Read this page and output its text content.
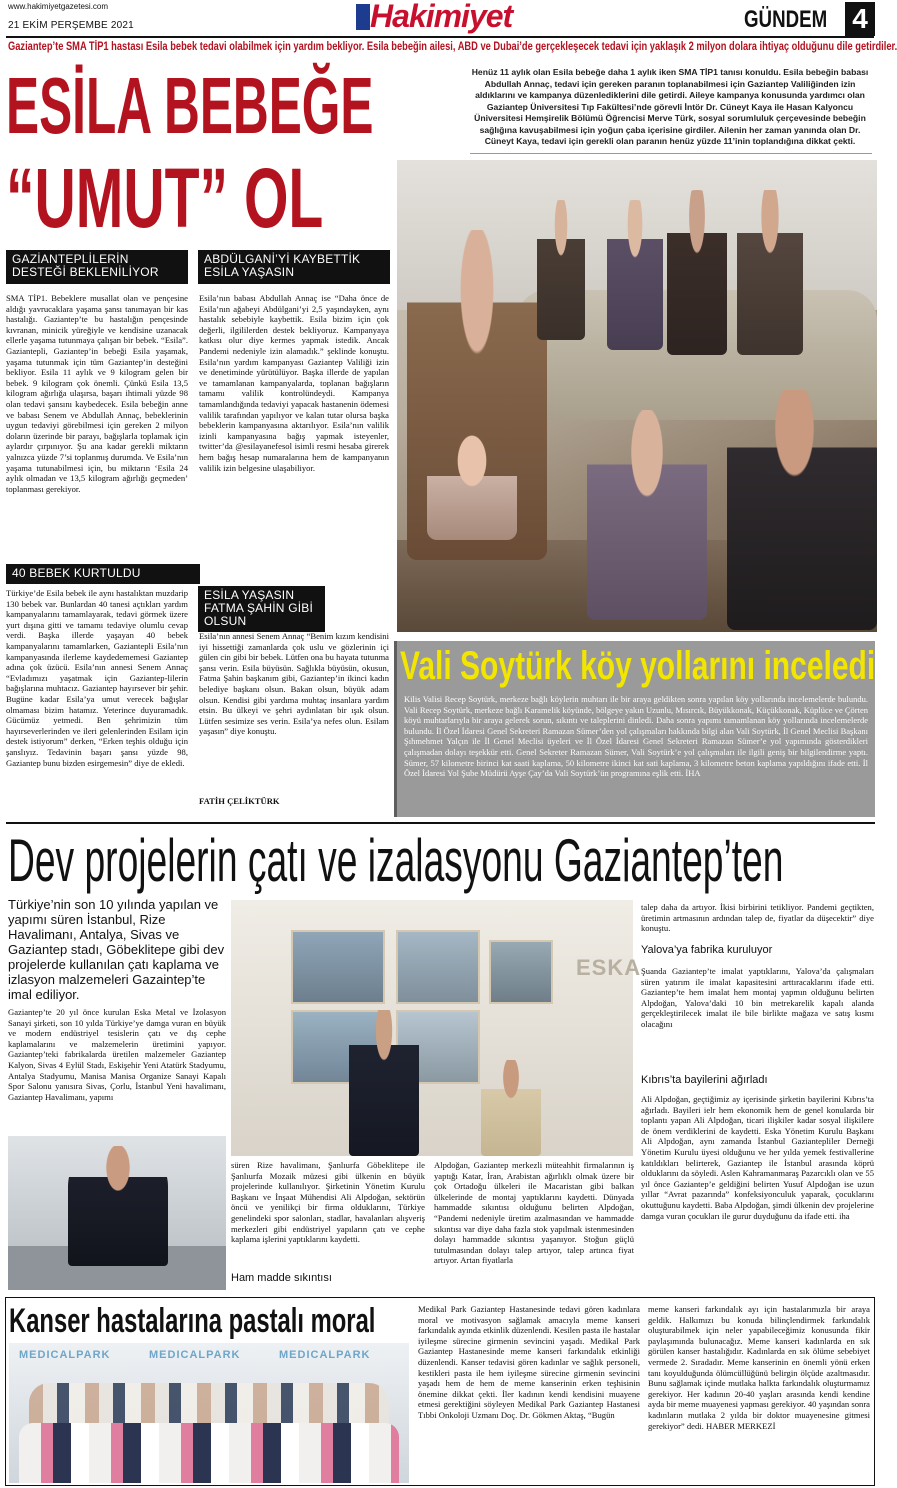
www.hakimiyetgazetesi.com
21 EKİM PERŞEMBE 2021	Hakimiyet	GÜNDEM 4
Gaziantep’te SMA TİP1 hastası Esila bebek tedavi olabilmek için yardım bekliyor. Esila bebeğin ailesi, ABD ve Dubai’de gerçekleşecek tedavi için yaklaşık 2 milyon dolara ihtiyaç olduğunu dile getirdiler.
ESİLA BEBEĞE
“UMUT” OL
Henüz 11 aylık olan Esila bebeğe daha 1 aylık iken SMA TİP1 tanısı konuldu. Esila bebeğin babası Abdullah Annaç, tedavi için gereken paranın toplanabilmesi için Gaziantep Valiliğinden izin aldıklarını ve kampanya düzenlediklerini dile getirdi. Aileye kampanya konusunda yardımcı olan Gaziantep Üniversitesi Tıp Fakültesi’nde görevli İntör Dr. Cüneyt Kaya ile Hasan Kalyoncu Üniversitesi Hemşirelik Bölümü Öğrencisi Merve Türk, sosyal sorumluluk çerçevesinde bebeğin sağlığına kavuşabilmesi için yoğun çaba içerisine girdiler. Ailenin her zaman yanında olan Dr. Cüneyt Kaya, tedavi için gerekli olan paranın henüz yüzde 11’inin toplandığına dikkat çekti.
GAZİANTEPLİLERİN DESTEĞİ BEKLENİLİYOR
SMA TİP1. Bebeklere musallat olan ve pençesine aldığı yavrucaklara yaşama şansı tanımayan bir kas hastalığı. Gaziantep’te bu hastalığın pençesinde kıvranan, minicik yüreğiyle ve kendisine uzanacak ellerle yaşama tutunmaya çalışan bir bebek. “Esila”. Gaziantepli, Gaziantep’in bebeği Esila yaşamak, yaşama tutunmak için tüm Gaziantep’in desteğini bekliyor. Esila 11 aylık ve 9 kilogram gelen bir bebek. 9 kilogram çok önemli. Çünkü Esila 13,5 kilogram ağırlığa ulaşırsa, başarı ihtimali yüzde 98 olan tedavi şansını kaybedecek. Esila bebeğin anne ve babası Senem ve Abdullah Annaç, bebeklerinin uygun tedaviyi görebilmesi için gereken 2 milyon doların üzerinde bir parayı, bağışlarla toplamak için aylardır çırpınıyor. Şu ana kadar gerekli miktarın yalnızca yüzde 7’si toplanmış durumda. Ve Esila’nın yaşama tutunabilmesi için, bu miktarın ‘Esila 24 aylık olmadan ve 13,5 kilogram ağırlığı geçmeden’ toplanması gerekiyor.
40 BEBEK KURTULDU
Türkiye’de Esila bebek ile aynı hastalıktan muzdarip 130 bebek var. Bunlardan 40 tanesi açtıkları yardım kampanyalarını tamamlayarak, tedavi görmek üzere yurt dışına gitti ve tamamı tedaviye olumlu cevap verdi. Başka illerde yaşayan 40 bebek kampanyalarını tamamlarken, Gaziantepli Esila’nın kampanyasında ilerleme kaydedememesi Gaziantep adına çok üzücü. Esila’nın annesi Senem Annaç “Evladımızı yaşatmak için Gaziantep-lilerin bağışlarına muhtacız. Gaziantep hayırsever bir şehir. Bugüne kadar Esila’ya umut verecek bağışlar olmaması bizim hatamız. Yeterince duyuramadık. Gücümüz yetmedi. Ben şehrimizin tüm hayırseverlerinden ve ileri gelenlerinden Esilam için destek istiyorum” derken, “Erken teşhis olduğu için şanslıyız. Tedavinin başarı şansı yüzde 98, Gaziantep bunu bizden esirgemesin” diye de ekledi.
ABDÜLGANİ’Yİ KAYBETTİK ESİLA YAŞASIN
Esila’nın babası Abdullah Annaç ise “Daha önce de Esila’nın ağabeyi Abdülgani’yi 2,5 yaşındayken, aynı hastalık sebebiyle kaybettik. Esila bizim için çok değerli, ilgililerden destek bekliyoruz. Kampanyaya katkısı olur diye kermes yapmak istedik. Ancak Pandemi nedeniyle izin alamadık.” şeklinde konuştu. Esila’nın yardım kampanyası Gaziantep Valiliği izin ve denetiminde yürütülüyor. Başka illerde de yapılan ve tamamlanan kampanyalarda, toplanan bağışların tamamı valilik kontrolündeydi. Kampanya tamamlandığında tedaviyi yapacak hastanenin ödemesi valilik tarafından yapılıyor ve kalan tutar olursa başka bebeklerin kampanyasına aktarılıyor. Esila’nın valilik izinli kampanyasına bağış yapmak isteyenler, twitter’da @esilayanefesol isimli resmi hesaba girerek hem bağış hesap numaralarına hem de kampanyanın valilik izin belgesine ulaşabiliyor.
ESİLA YAŞASIN FATMA ŞAHİN GİBİ OLSUN
Esila’nın annesi Senem Annaç “Benim kızım kendisini iyi hissettiği zamanlarda çok uslu ve gözlerinin içi gülen cin gibi bir bebek. Lütfen ona bu hayata tutunma şansı verin. Esila büyüsün. Sağlıkla büyüsün, okusun, Fatma Şahin başkanım gibi, Gaziantep’in ikinci kadın belediye başkanı olsun. Bakan olsun, büyük adam olsun. Kendisi gibi yardıma muhtaç insanlara yardım etsin. Bu ülkeyi ve şehri aydınlatan bir ışık olsun. Lütfen sesimize ses verin. Esila’ya nefes olun. Esilam yaşasın” diye konuştu.
FATİH ÇELİKTÜRK
Vali Soytürk köy yollarını inceledi
Kilis Valisi Recep Soytürk, merkeze bağlı köylerin muhtarı ile bir araya geldikten sonra yapılan köy yollarında incelemelerde bulundu. Vali Recep Soytürk, merkeze bağlı Karamelik köyünde, bölgeye yakın Uzunlu, Mısırcık, Büyükkonak, Küçükkonak, Küplüce ve Çörten köyü muhtarlarıyla bir araya gelerek sorun, sıkıntı ve taleplerini dinledi. Daha sonra yapımı tamamlanan köy yollarında incelemelerde bulundu. İl Özel İdaresi Genel Sekreteri Ramazan Sümer’den yol çalışmaları hakkında bilgi alan Vali Soytürk, İl Genel Meclisi Başkanı Şıhmehmet Yalçın ile İl Genel Meclisi üyeleri ve İl Özel İdaresi Genel Sekreteri Ramazan Sümer’e yol yapımında gösterdikleri çalışmadan dolayı teşekkür etti. Genel Sekreter Ramazan Sümer, Vali Soytürk’e yol çalışmaları ile ilgili geniş bir bilgilendirme yaptı. Sümer, 57 kilometre birinci kat saati kaplama, 50 kilometre ikinci kat sati kaplama, 3 kilometre beton kaplama yapıldığını ifade etti. İl Özel İdaresi Yol Şube Müdürü Ayşe Çay’da Vali Soytürk’ün programına eşlik etti. İHA
Dev projelerin çatı ve izalasyonu Gaziantep’ten
Türkiye’nin son 10 yılında yapılan ve yapımı süren İstanbul, Rize Havalimanı, Antalya, Sivas ve Gaziantep stadı, Göbeklitepe gibi dev projelerde kullanılan çatı kaplama ve izlasyon malzemeleri Gazaintep’te imal ediliyor.
Gaziantep’te 20 yıl önce kurulan Eska Metal ve İzolasyon Sanayi şirketi, son 10 yılda Türkiye’ye damga vuran en büyük ve modern endüstriyel tesislerin çatı ve dış cephe kaplamalarını ve malzemelerin üretimini yapıyor. Gaziantep’teki fabrikalarda üretilen malzemeler Gaziantep Kalyon, Sivas 4 Eylül Stadı, Eskişehir Yeni Atatürk Stadyumu, Antalya Stadyumu, Manisa Manisa Organize Sanayi Kapalı Spor Salonu yanısıra Sivas, Çorlu, İstanbul Yeni havalimanı, Gaziantep Havalimanı, yapımı
ESKA
süren Rize havalimanı, Şanlıurfa Göbeklitepe ile Şanlıurfa Mozaik müzesi gibi ülkenin en büyük projelerinde kullanılıyor. Şirketinin Yönetim Kurulu Başkanı ve İnşaat Mühendisi Ali Alpdoğan, sektörün öncü ve yenilikçi bir firma olduklarını, Türkiye genelindeki spor salonları, stadlar, havalanları alışveriş merkezleri gibi endüstriyel yapıların çatı ve cephe kaplama işlerini yaptıklarını kaydetti.
Ham madde sıkıntısı
Alpdoğan, Gaziantep merkezli müteahhit firmalarının iş yaptığı Katar, İran, Arabistan ağırlıklı olmak üzere bir çok Ortadoğu ülkeleri ile Macaristan gibi balkan ülkelerinde de montaj yaptıklarını kaydetti. Dünyada hammadde sıkıntısı olduğunu belirten Alpdoğan, “Pandemi nedeniyle üretim azalmasından ve hammadde sıkıntısı var diye daha fazla stok yapılmak istenmesinden dolayı hammadde sıkıntısı yaşanıyor. Stoğun güçlü tutulmasından dolayı talep artıyor, talep artınca fiyat artıyor. Artan fiyatlarla
talep daha da artıyor. İkisi birbirini tetikliyor. Pandemi geçtikten, üretimin artmasının ardından talep de, fiyatlar da düşecektir” diye konuştu.
Yalova’ya fabrika kuruluyor
Şuanda Gaziantep’te imalat yaptıklarını, Yalova’da çalışmaları süren yatırım ile imalat kapasitesini arttıracaklarını ifade etti. Gaziantep’te hem imalat hem montaj yapmın olduğunu belirten Alpdoğan, Yalova’daki 10 bin metrekarelik kapalı alanda gerçekleştirilecek imalat ile bile birlikte mağaza ve satış kısmı olacağını
Kıbrıs’ta bayilerini ağırladı
Ali Alpdoğan, geçtiğimiz ay içerisinde şirketin bayilerini Kıbrıs’ta ağırladı. Bayileri ielr hem ekonomik hem de genel konularda bir toplantı yapan Ali Alpdoğan, ticari ilişkiler kadar sosyal ilişkilere de önem verdiklerini de kaydetti. Eska Yönetim Kurulu Başkanı Ali Alpdoğan, aynı zamanda İstanbul Gaziantepliler Derneği Yönetim Kurulu üyesi olduğunu ve her yılda yemek festivallerine katıldıkları belirterek, Gaziantep ile İstanbul arasında köprü olduklarını da söyledi. Aslen Kahramanmaraş Pazarcıklı olan ve 55 yıl önce Gaziantep’e geldiğini belirten Yusuf Alpdoğan ise uzun yıllar “Avrat pazarında” konfeksiyonculuk yaparak, çocuklarını okuttuğunu kaydetti. Baba Alpdoğan, şimdi ülkenin dev projelerine damga vuran çocukları ile gurur duyduğunu da ifade etti. iha
Kanser hastalarına pastalı moral
MEDICALPARK	MEDICALPARK	MEDICALPARK
Medikal Park Gaziantep Hastanesinde tedavi gören kadınlara moral ve motivasyon sağlamak amacıyla meme kanseri farkındalık ayında etkinlik düzenlendi. Kesilen pasta ile hastalar iyileşme sürecine girmenin sevincini yaşadı. Medikal Park Gaziantep Hastanesinde meme kanseri farkındalık etkinliği düzenlendi. Kanser tedavisi gören kadınlar ve sağlık personeli, kestikleri pasta ile hem iyileşme sürecine girmenin sevincini yaşadı hem de hem de meme kanserinin erken teşhisinin önemine dikkat çekti. İler kadının kendi kendisini muayene etmesi gerektiğini söyleyen Medikal Park Gaziantep Hastanesi Tıbbi Onkoloji Uzmanı Doç. Dr. Gökmen Aktaş, “Bugün
meme kanseri farkındalık ayı için hastalarımızla bir araya geldik. Halkımızı bu konuda bilinçlendirmek farkındalık oluşturabilmek için neler yapabileceğimiz konusunda fikir paylaşımında bulunacağız. Meme kanseri kadınlarda en sık görülen kanser hastalığıdır. Kadınlarda en sık ölüme sebebiyet vermede 2. Sıradadır. Meme kanserinin en önemli yönü erken tanı koyulduğunda ölümcüllüğünü belirgin ölçüde azaltmasıdır. Bunu sağlamak içinde mutlaka halkta farkındalık oluşturmamız gerekiyor. Her kadının 20-40 yaşları arasında kendi kendine ayda bir meme muayenesi yapması gerekiyor. 40 yaşından sonra kadınların mutlaka 2 yılda bir doktor muayenesine gitmesi gerekiyor” dedi. HABER MERKEZİ
